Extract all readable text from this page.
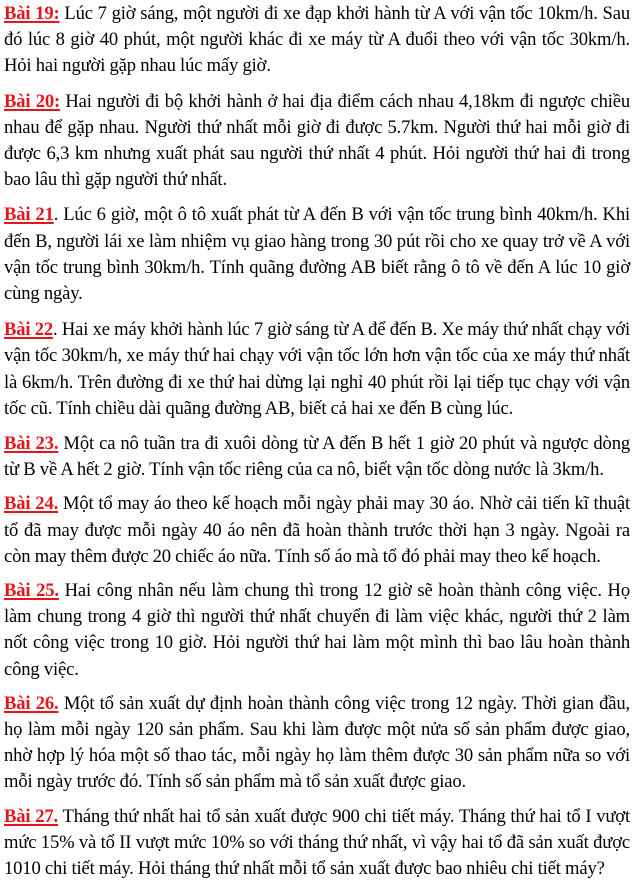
Bài 19: Lúc 7 giờ sáng, một người đi xe đạp khởi hành từ A với vận tốc 10km/h. Sau đó lúc 8 giờ 40 phút, một người khác đi xe máy từ A đuổi theo với vận tốc 30km/h. Hỏi hai người gặp nhau lúc mấy giờ.

Bài 20: Hai người đi bộ khởi hành ở hai địa điểm cách nhau 4,18km đi ngược chiều nhau để gặp nhau. Người thứ nhất mỗi giờ đi được 5.7km. Người thứ hai mỗi giờ đi được 6,3 km nhưng xuất phát sau người thứ nhất 4 phút. Hỏi người thứ hai đi trong bao lâu thì gặp người thứ nhất.

Bài 21. Lúc 6 giờ, một ô tô xuất phát từ A đến B với vận tốc trung bình 40km/h. Khi đến B, người lái xe làm nhiệm vụ giao hàng trong 30 pút rồi cho xe quay trở về A với vận tốc trung bình 30km/h. Tính quãng đường AB biết rằng ô tô về đến A lúc 10 giờ cùng ngày.

Bài 22. Hai xe máy khởi hành lúc 7 giờ sáng từ A để đến B. Xe máy thứ nhất chạy với vận tốc 30km/h, xe máy thứ hai chạy với vận tốc lớn hơn vận tốc của xe máy thứ nhất là 6km/h. Trên đường đi xe thứ hai dừng lại nghỉ 40 phút rồi lại tiếp tục chạy với vận tốc cũ. Tính chiều dài quãng đường AB, biết cả hai xe đến B cùng lúc.

Bài 23. Một ca nô tuần tra đi xuôi dòng từ A đến B hết 1 giờ 20 phút và ngược dòng từ B về A hết 2 giờ. Tính vận tốc riêng của ca nô, biết vận tốc dòng nước là 3km/h.

Bài 24. Một tổ may áo theo kế hoạch mỗi ngày phải may 30 áo. Nhờ cải tiến kĩ thuật tổ đã may được mỗi ngày 40 áo nên đã hoàn thành trước thời hạn 3 ngày. Ngoài ra còn may thêm được 20 chiếc áo nữa. Tính số áo mà tổ đó phải may theo kế hoạch.

Bài 25. Hai công nhân nếu làm chung thì trong 12 giờ sẽ hoàn thành công việc. Họ làm chung trong 4 giờ thì người thứ nhất chuyển đi làm việc khác, người thứ 2 làm nốt công việc trong 10 giờ. Hỏi người thứ hai làm một mình thì bao lâu hoàn thành công việc.

Bài 26. Một tổ sản xuất dự định hoàn thành công việc trong 12 ngày. Thời gian đầu, họ làm mỗi ngày 120 sản phẩm. Sau khi làm được một nửa số sản phẩm được giao, nhờ hợp lý hóa một số thao tác, mỗi ngày họ làm thêm được 30 sản phẩm nữa so với mỗi ngày trước đó. Tính số sản phẩm mà tổ sản xuất được giao.

Bài 27. Tháng thứ nhất hai tổ sản xuất được 900 chi tiết máy. Tháng thứ hai tổ I vượt mức 15% và tổ II vượt mức 10% so với tháng thứ nhất, vì vậy hai tổ đã sản xuất được 1010 chi tiết máy. Hỏi tháng thứ nhất mỗi tổ sản xuất được bao nhiêu chi tiết máy?
